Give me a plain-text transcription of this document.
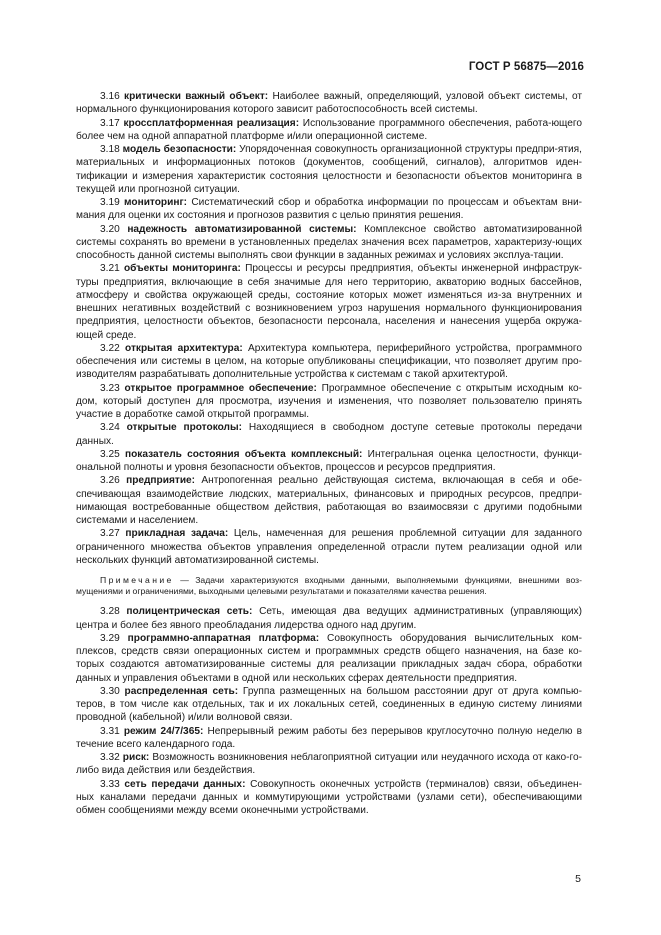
ГОСТ Р 56875—2016

3.16 критически важный объект: Наиболее важный, определяющий, узловой объект системы, от нормального функционирования которого зависит работоспособность всей системы.

3.17 кроссплатформенная реализация: Использование программного обеспечения, работа-ющего более чем на одной аппаратной платформе и/или операционной системе.

3.18 модель безопасности: Упорядоченная совокупность организационной структуры предпри-ятия, материальных и информационных потоков (документов, сообщений, сигналов), алгоритмов иден-тификации и измерения характеристик состояния целостности и безопасности объектов мониторинга в текущей или прогнозной ситуации.

3.19 мониторинг: Систематический сбор и обработка информации по процессам и объектам вни-мания для оценки их состояния и прогнозов развития с целью принятия решения.

3.20 надежность автоматизированной системы: Комплексное свойство автоматизированной системы сохранять во времени в установленных пределах значения всех параметров, характеризу-ющих способность данной системы выполнять свои функции в заданных режимах и условиях эксплуа-тации.

3.21 объекты мониторинга: Процессы и ресурсы предприятия, объекты инженерной инфраструк-туры предприятия, включающие в себя значимые для него территорию, акваторию водных бассейнов, атмосферу и свойства окружающей среды, состояние которых может изменяться из-за внутренних и внешних негативных воздействий с возникновением угроз нарушения нормального функционирования предприятия, целостности объектов, безопасности персонала, населения и нанесения ущерба окружа-ющей среде.

3.22 открытая архитектура: Архитектура компьютера, периферийного устройства, программного обеспечения или системы в целом, на которые опубликованы спецификации, что позволяет другим про-изводителям разрабатывать дополнительные устройства к системам с такой архитектурой.

3.23 открытое программное обеспечение: Программное обеспечение с открытым исходным ко-дом, который доступен для просмотра, изучения и изменения, что позволяет пользователю принять участие в доработке самой открытой программы.

3.24 открытые протоколы: Находящиеся в свободном доступе сетевые протоколы передачи данных.

3.25 показатель состояния объекта комплексный: Интегральная оценка целостности, функци-ональной полноты и уровня безопасности объектов, процессов и ресурсов предприятия.

3.26 предприятие: Антропогенная реально действующая система, включающая в себя и обе-спечивающая взаимодействие людских, материальных, финансовых и природных ресурсов, предпри-нимающая востребованные обществом действия, работающая во взаимосвязи с другими подобными системами и населением.

3.27 прикладная задача: Цель, намеченная для решения проблемной ситуации для заданного ограниченного множества объектов управления определенной отрасли путем реализации одной или нескольких функций автоматизированной системы.

Примечание — Задачи характеризуются входными данными, выполняемыми функциями, внешними воз-мущениями и ограничениями, выходными целевыми результатами и показателями качества решения.

3.28 полицентрическая сеть: Сеть, имеющая два ведущих административных (управляющих) центра и более без явного преобладания лидерства одного над другим.

3.29 программно-аппаратная платформа: Совокупность оборудования вычислительных ком-плексов, средств связи операционных систем и программных средств общего назначения, на базе ко-торых создаются автоматизированные системы для реализации прикладных задач сбора, обработки данных и управления объектами в одной или нескольких сферах деятельности предприятия.

3.30 распределенная сеть: Группа размещенных на большом расстоянии друг от друга компью-теров, в том числе как отдельных, так и их локальных сетей, соединенных в единую систему линиями проводной (кабельной) и/или волновой связи.

3.31 режим 24/7/365: Непрерывный режим работы без перерывов круглосуточно полную неделю в течение всего календарного года.

3.32 риск: Возможность возникновения неблагоприятной ситуации или неудачного исхода от како-го-либо вида действия или бездействия.

3.33 сеть передачи данных: Совокупность оконечных устройств (терминалов) связи, объединен-ных каналами передачи данных и коммутирующими устройствами (узлами сети), обеспечивающими обмен сообщениями между всеми оконечными устройствами.

5
